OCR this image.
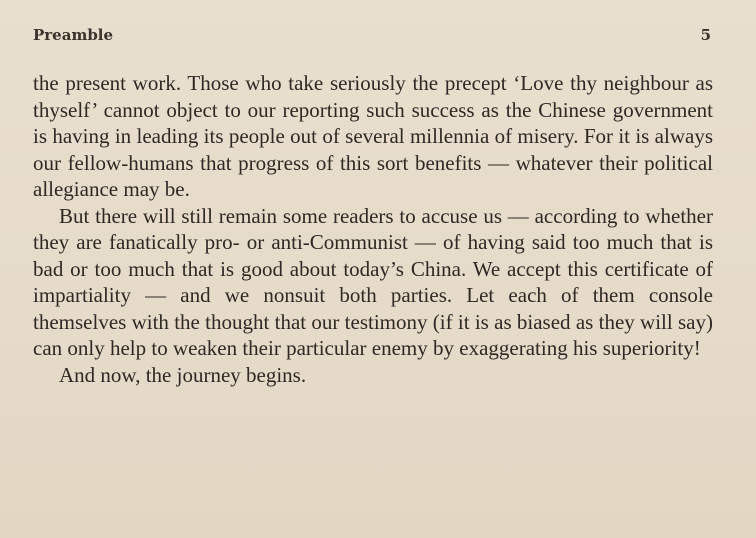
Preamble	5

the present work. Those who take seriously the precept ‘Love thy neighbour as thyself’ cannot object to our reporting such success as the Chinese government is having in leading its people out of several millennia of misery. For it is always our fellow-humans that progress of this sort benefits — whatever their political allegiance may be.

But there will still remain some readers to accuse us — according to whether they are fanatically pro- or anti-Communist — of having said too much that is bad or too much that is good about today’s China. We accept this certificate of impartiality — and we nonsuit both parties. Let each of them console themselves with the thought that our testimony (if it is as biased as they will say) can only help to weaken their particular enemy by exaggerating his superiority!

And now, the journey begins.
